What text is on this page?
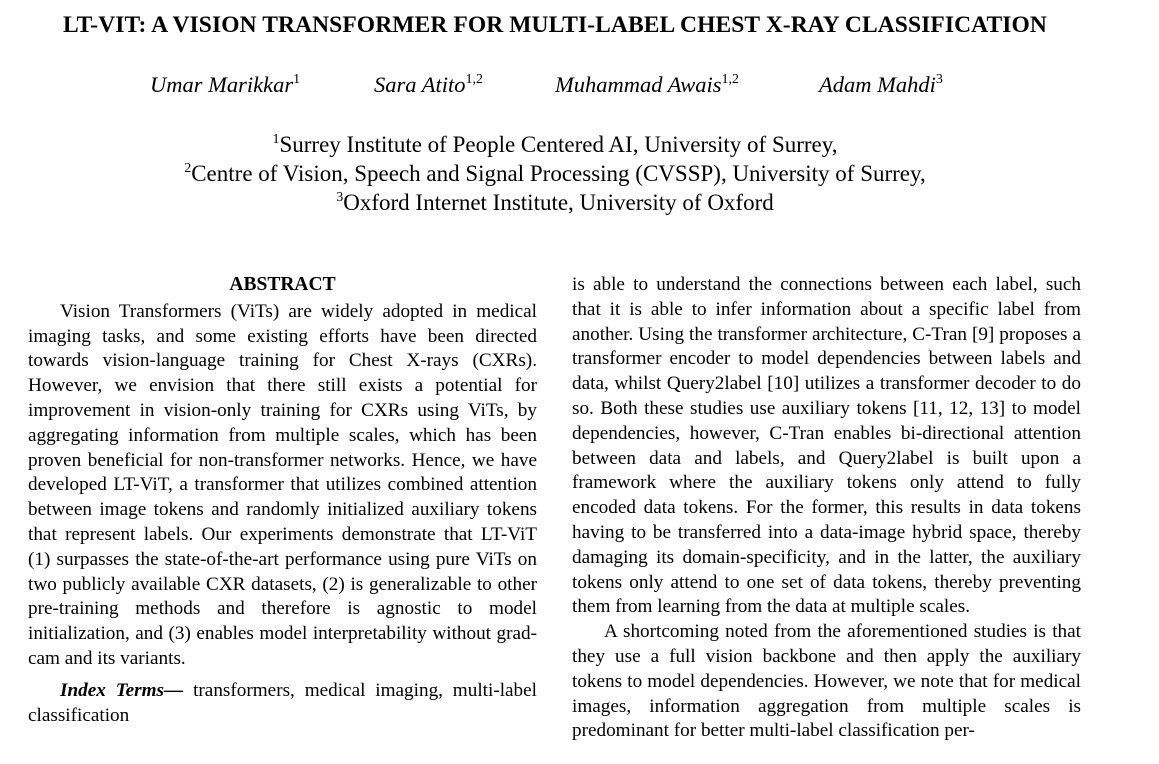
LT-VIT: A VISION TRANSFORMER FOR MULTI-LABEL CHEST X-RAY CLASSIFICATION
Umar Marikkar$^1$	Sara Atito$^{1,2}$	Muhammad Awais$^{1,2}$	Adam Mahdi$^3$
$^1$Surrey Institute of People Centered AI, University of Surrey,
$^2$Centre of Vision, Speech and Signal Processing (CVSSP), University of Surrey,
$^3$Oxford Internet Institute, University of Oxford
ABSTRACT

Vision Transformers (ViTs) are widely adopted in medical imaging tasks, and some existing efforts have been directed towards vision-language training for Chest X-rays (CXRs). However, we envision that there still exists a potential for improvement in vision-only training for CXRs using ViTs, by aggregating information from multiple scales, which has been proven beneficial for non-transformer networks. Hence, we have developed LT-ViT, a transformer that utilizes combined attention between image tokens and randomly initialized auxiliary tokens that represent labels. Our experiments demonstrate that LT-ViT (1) surpasses the state-of-the-art performance using pure ViTs on two publicly available CXR datasets, (2) is generalizable to other pre-training methods and therefore is agnostic to model initialization, and (3) enables model interpretability without grad-cam and its variants.

Index Terms— transformers, medical imaging, multi-label classification

is able to understand the connections between each label, such that it is able to infer information about a specific label from another. Using the transformer architecture, C-Tran [9] proposes a transformer encoder to model dependencies between labels and data, whilst Query2label [10] utilizes a transformer decoder to do so. Both these studies use auxiliary tokens [11, 12, 13] to model dependencies, however, C-Tran enables bi-directional attention between data and labels, and Query2label is built upon a framework where the auxiliary tokens only attend to fully encoded data tokens. For the former, this results in data tokens having to be transferred into a data-image hybrid space, thereby damaging its domain-specificity, and in the latter, the auxiliary tokens only attend to one set of data tokens, thereby preventing them from learning from the data at multiple scales.

A shortcoming noted from the aforementioned studies is that they use a full vision backbone and then apply the auxiliary tokens to model dependencies. However, we note that for medical images, information aggregation from multiple scales is predominant for better multi-label classification per-
